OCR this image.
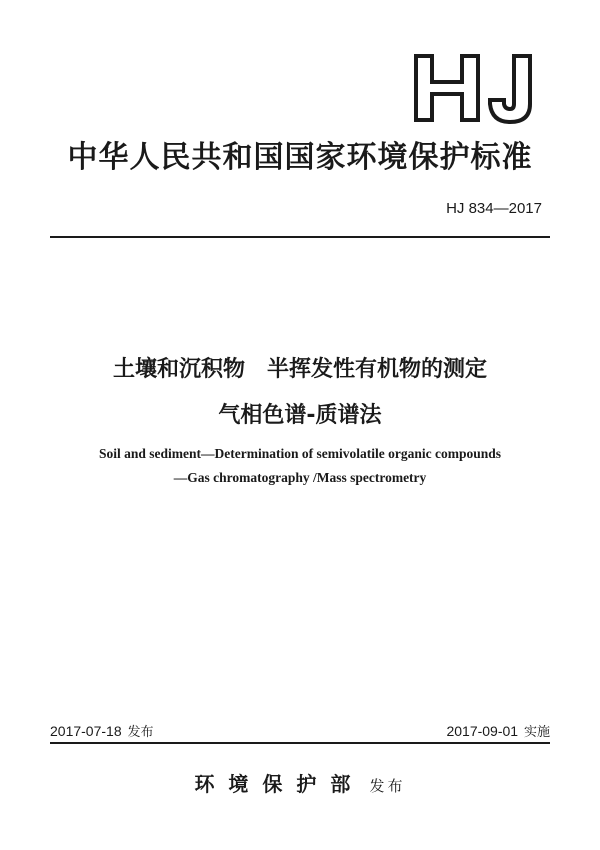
中华人民共和国国家环境保护标准
HJ 834—2017
土壤和沉积物 半挥发性有机物的测定
气相色谱-质谱法
Soil and sediment—Determination of semivolatile organic compounds
—Gas chromatography /Mass spectrometry
2017-07-18 发布	2017-09-01 实施
环境保护部 发布
